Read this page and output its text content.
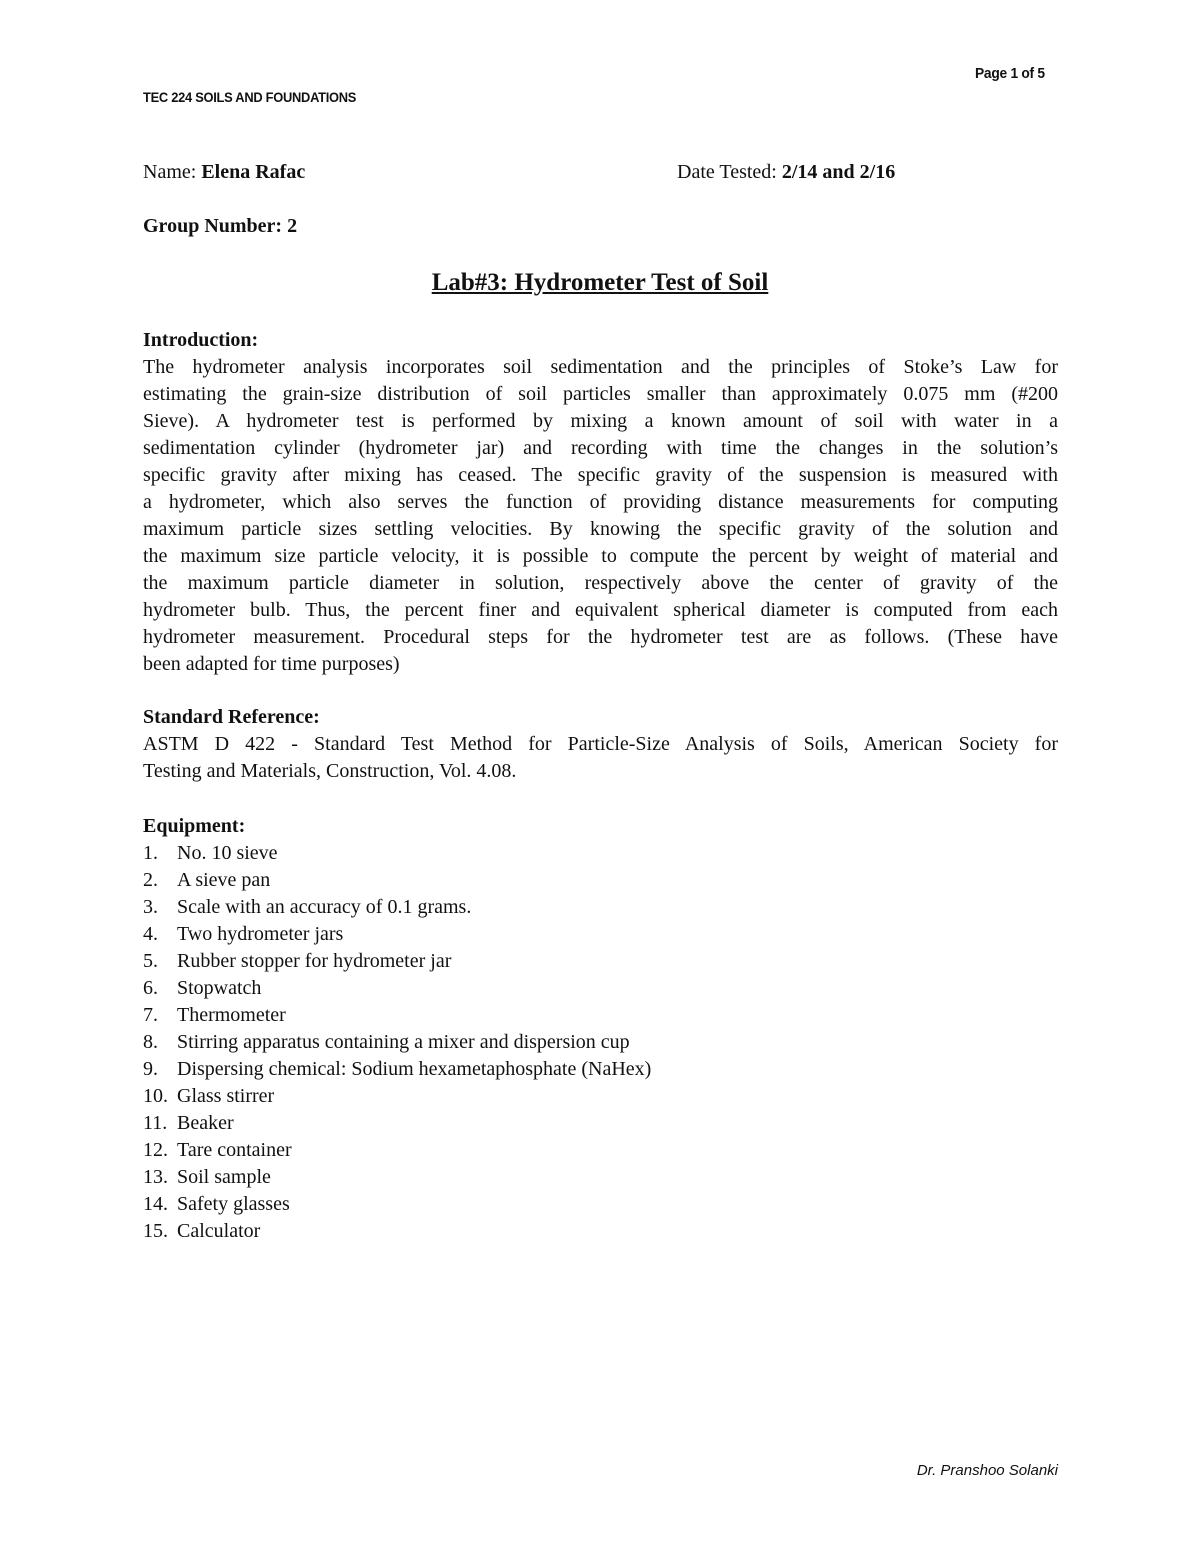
Page 1 of 5
TEC 224 SOILS AND FOUNDATIONS
Name: Elena Rafac	Date Tested: 2/14 and 2/16
Group Number: 2
Lab#3: Hydrometer Test of Soil
Introduction:
The hydrometer analysis incorporates soil sedimentation and the principles of Stoke’s Law for
estimating the grain-size distribution of soil particles smaller than approximately 0.075 mm (#200
Sieve). A hydrometer test is performed by mixing a known amount of soil with water in a
sedimentation cylinder (hydrometer jar) and recording with time the changes in the solution’s
specific gravity after mixing has ceased. The specific gravity of the suspension is measured with
a hydrometer, which also serves the function of providing distance measurements for computing
maximum particle sizes settling velocities. By knowing the specific gravity of the solution and
the maximum size particle velocity, it is possible to compute the percent by weight of material and
the maximum particle diameter in solution, respectively above the center of gravity of the
hydrometer bulb. Thus, the percent finer and equivalent spherical diameter is computed from each
hydrometer measurement. Procedural steps for the hydrometer test are as follows. (These have
been adapted for time purposes)
Standard Reference:
ASTM D 422 - Standard Test Method for Particle-Size Analysis of Soils, American Society for
Testing and Materials, Construction, Vol. 4.08.
Equipment:
1. No. 10 sieve
2. A sieve pan
3. Scale with an accuracy of 0.1 grams.
4. Two hydrometer jars
5. Rubber stopper for hydrometer jar
6. Stopwatch
7. Thermometer
8. Stirring apparatus containing a mixer and dispersion cup
9. Dispersing chemical: Sodium hexametaphosphate (NaHex)
10. Glass stirrer
11. Beaker
12. Tare container
13. Soil sample
14. Safety glasses
15. Calculator
Dr. Pranshoo Solanki
